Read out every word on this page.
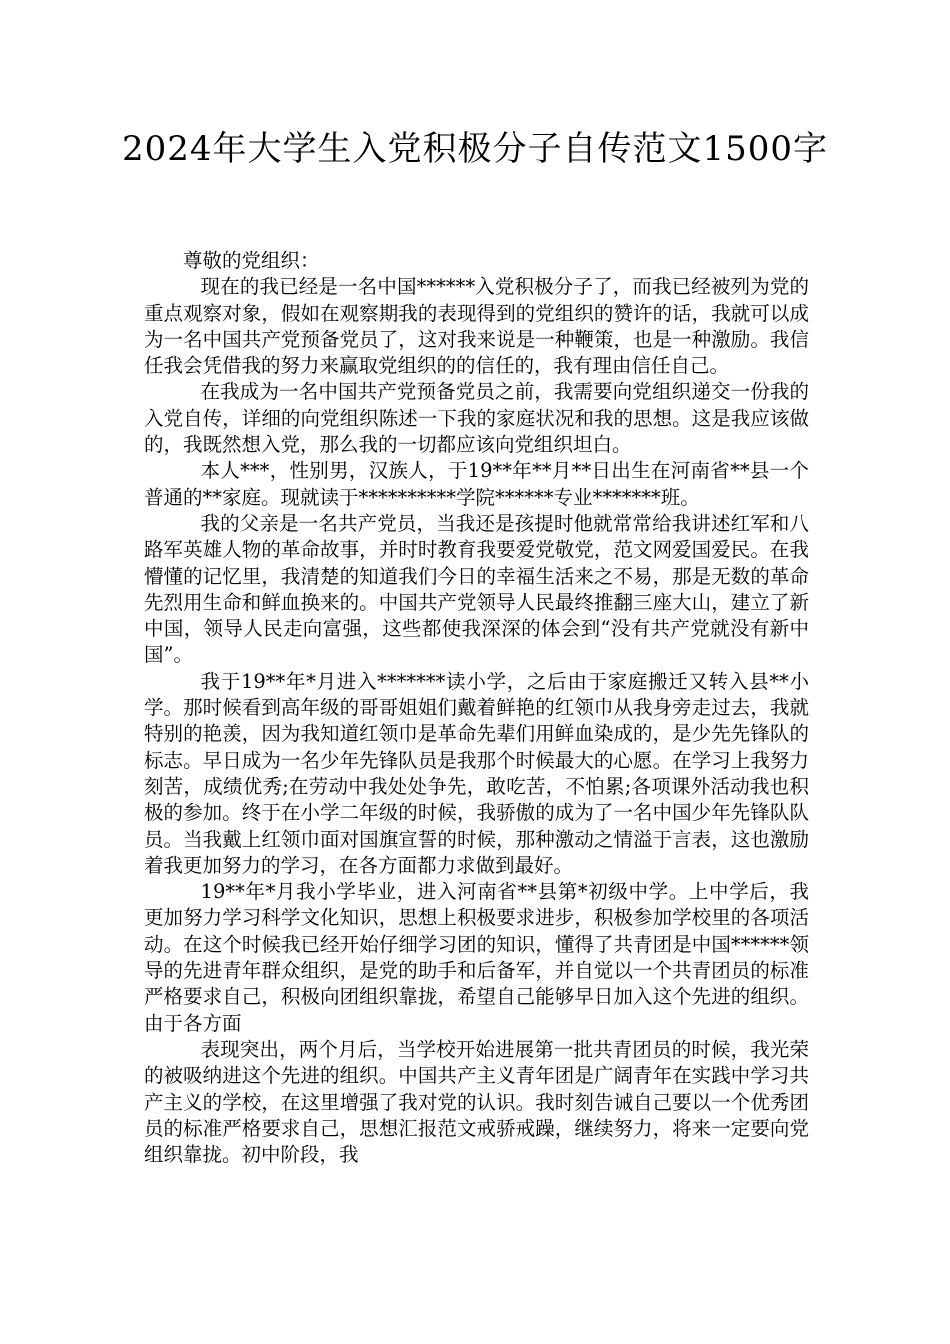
2024年大学生入党积极分子自传范文1500字

尊敬的党组织：

现在的我已经是一名中国******入党积极分子了，而我已经被列为党的重点观察对象，假如在观察期我的表现得到的党组织的赞许的话，我就可以成为一名中国共产党预备党员了，这对我来说是一种鞭策，也是一种激励。我信任我会凭借我的努力来赢取党组织的的信任的，我有理由信任自己。

在我成为一名中国共产党预备党员之前，我需要向党组织递交一份我的入党自传，详细的向党组织陈述一下我的家庭状况和我的思想。这是我应该做的，我既然想入党，那么我的一切都应该向党组织坦白。

本人***，性别男，汉族人，于19**年**月**日出生在河南省**县一个普通的**家庭。现就读于**********学院******专业*******班。

我的父亲是一名共产党员，当我还是孩提时他就常常给我讲述红军和八路军英雄人物的革命故事，并时时教育我要爱党敬党，范文网爱国爱民。在我懵懂的记忆里，我清楚的知道我们今日的幸福生活来之不易，那是无数的革命先烈用生命和鲜血换来的。中国共产党领导人民最终推翻三座大山，建立了新中国，领导人民走向富强，这些都使我深深的体会到“没有共产党就没有新中国”。

我于19**年*月进入*******读小学，之后由于家庭搬迁又转入县**小学。那时候看到高年级的哥哥姐姐们戴着鲜艳的红领巾从我身旁走过去，我就特别的艳羡，因为我知道红领巾是革命先辈们用鲜血染成的，是少先先锋队的标志。早日成为一名少年先锋队员是我那个时候最大的心愿。在学习上我努力刻苦，成绩优秀;在劳动中我处处争先，敢吃苦，不怕累;各项课外活动我也积极的参加。终于在小学二年级的时候，我骄傲的成为了一名中国少年先锋队队员。当我戴上红领巾面对国旗宣誓的时候，那种激动之情溢于言表，这也激励着我更加努力的学习，在各方面都力求做到最好。

19**年*月我小学毕业，进入河南省**县第*初级中学。上中学后，我更加努力学习科学文化知识，思想上积极要求进步，积极参加学校里的各项活动。在这个时候我已经开始仔细学习团的知识，懂得了共青团是中国******领导的先进青年群众组织，是党的助手和后备军，并自觉以一个共青团员的标准严格要求自己，积极向团组织靠拢，希望自己能够早日加入这个先进的组织。由于各方面

表现突出，两个月后，当学校开始进展第一批共青团员的时候，我光荣的被吸纳进这个先进的组织。中国共产主义青年团是广阔青年在实践中学习共产主义的学校，在这里增强了我对党的认识。我时刻告诫自己要以一个优秀团员的标准严格要求自己，思想汇报范文戒骄戒躁，继续努力，将来一定要向党组织靠拢。初中阶段，我
